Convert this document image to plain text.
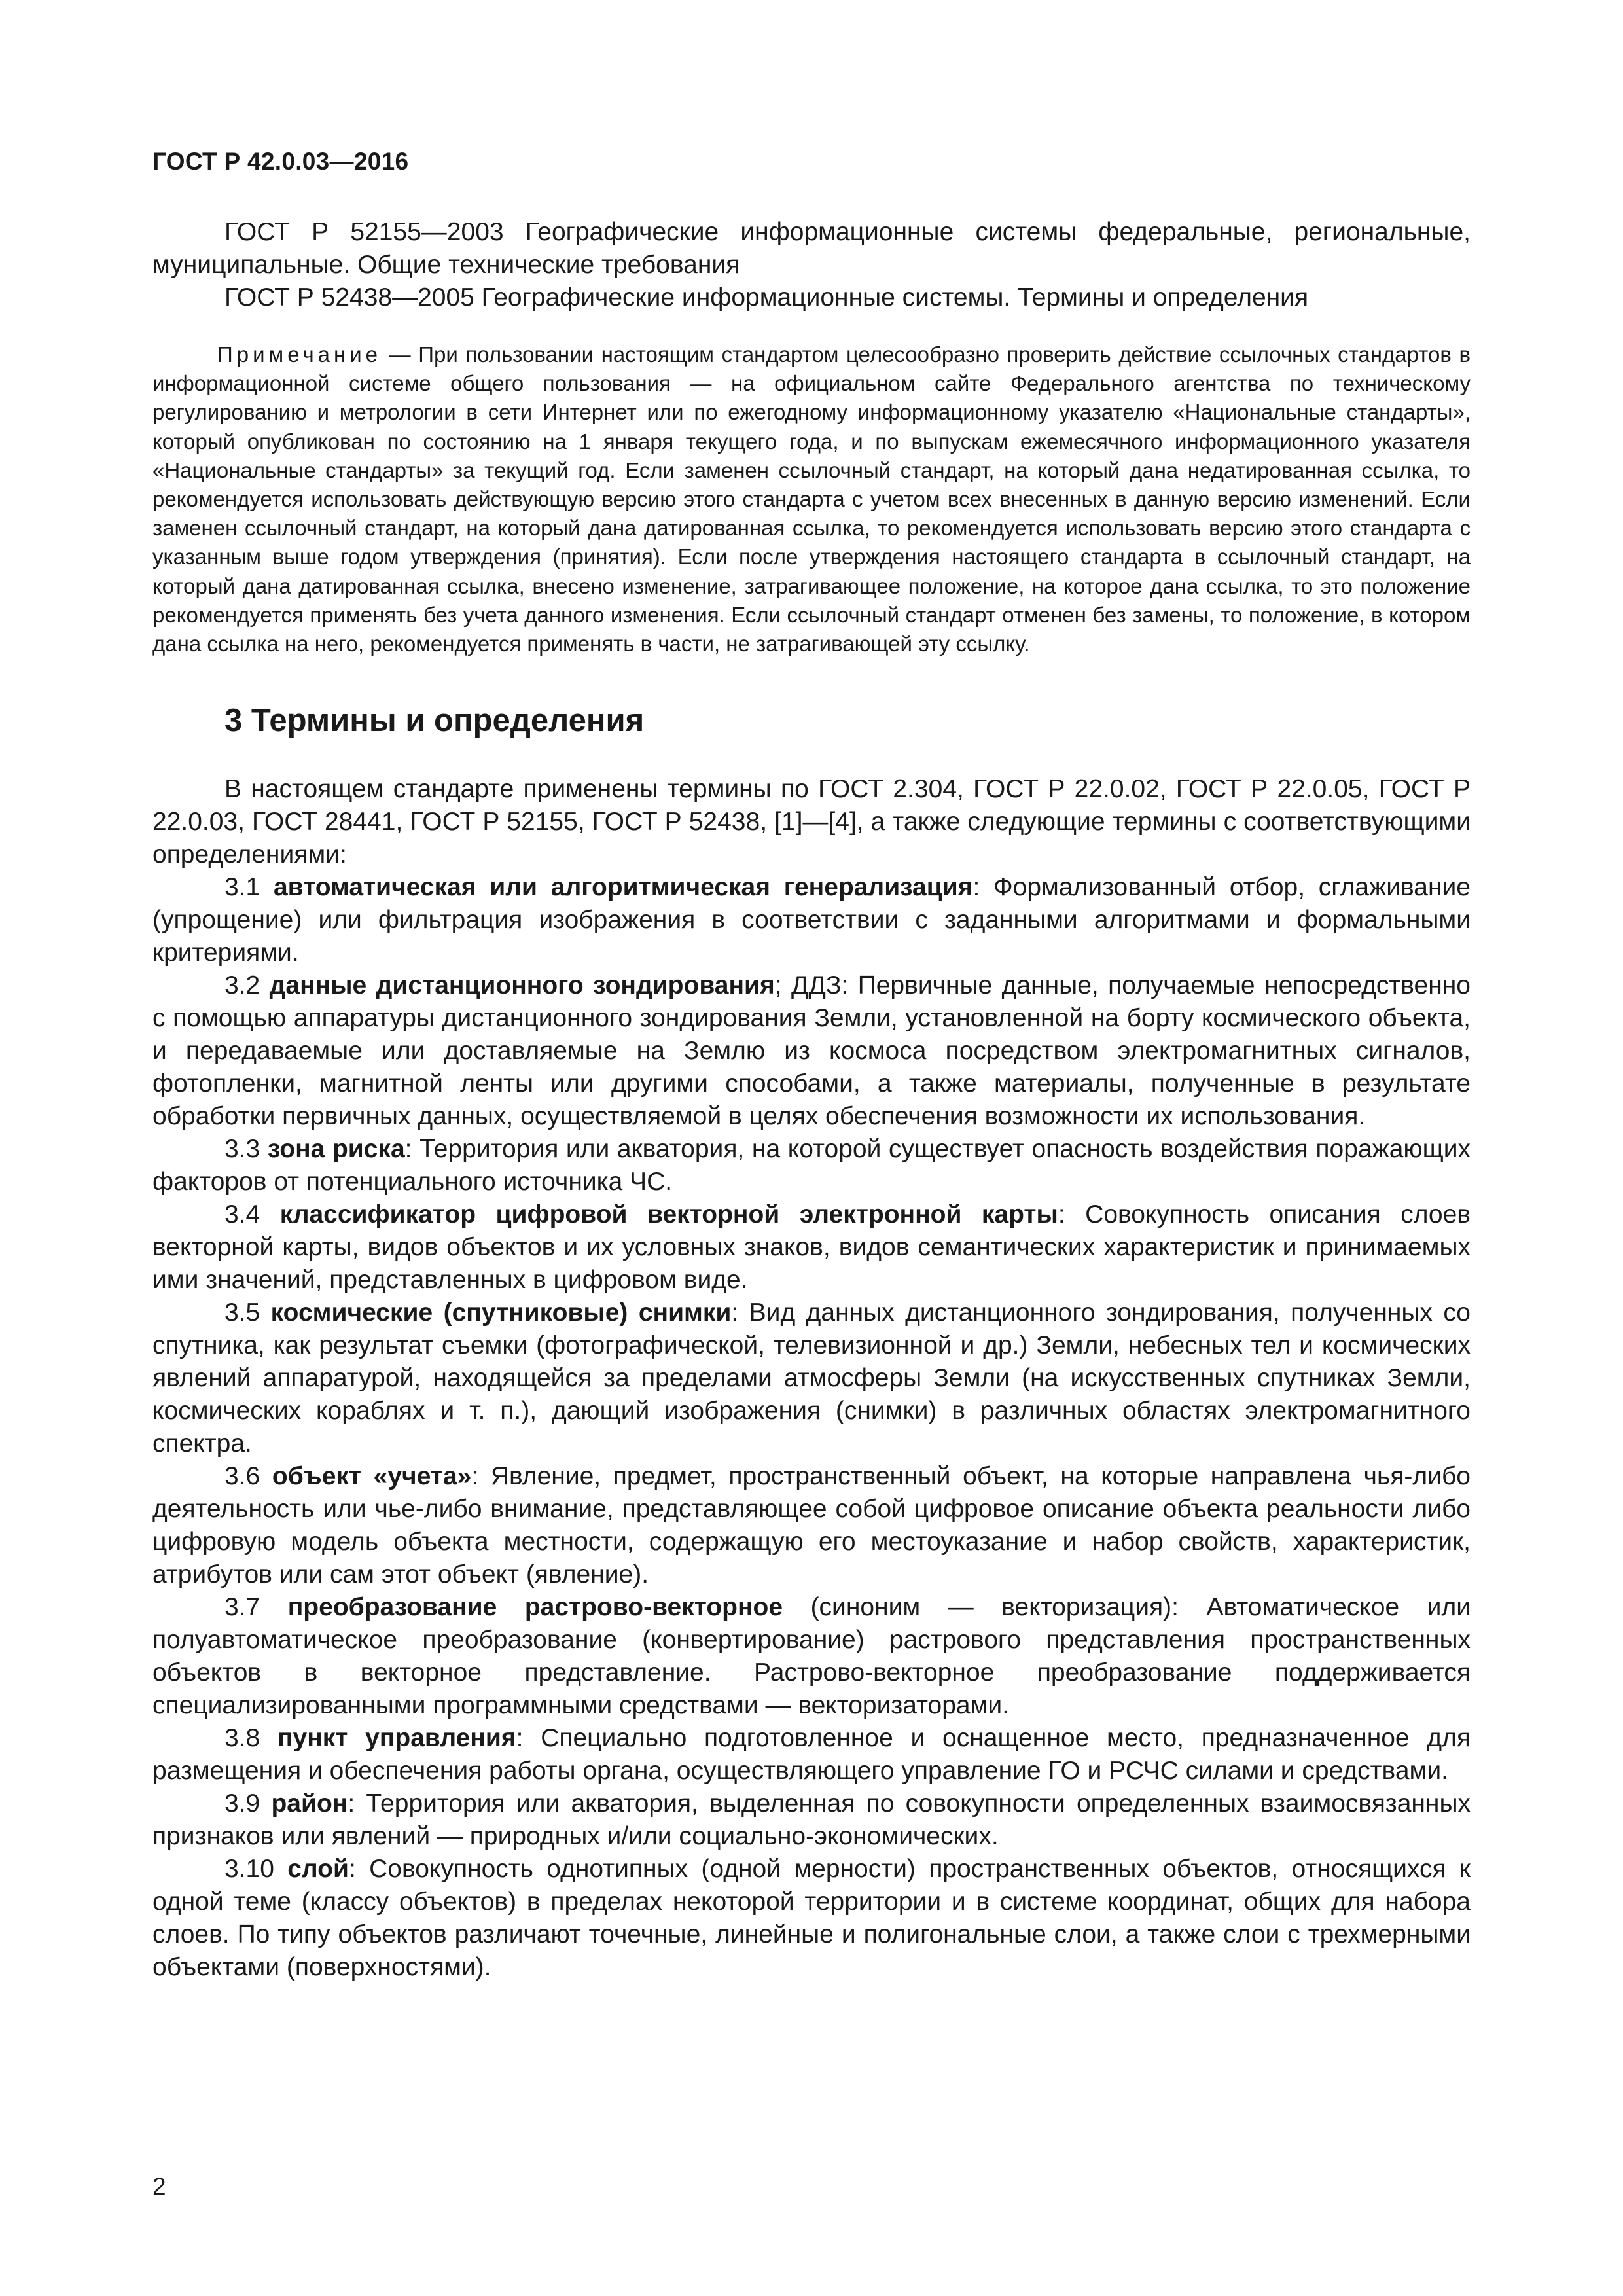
ГОСТ Р 42.0.03—2016

ГОСТ Р 52155—2003 Географические информационные системы федеральные, региональные, муниципальные. Общие технические требования

ГОСТ Р 52438—2005 Географические информационные системы. Термины и определения

Примечание — При пользовании настоящим стандартом целесообразно проверить действие ссылочных стандартов в информационной системе общего пользования — на официальном сайте Федерального агентства по техническому регулированию и метрологии в сети Интернет или по ежегодному информационному указателю «Национальные стандарты», который опубликован по состоянию на 1 января текущего года, и по выпускам ежемесячного информационного указателя «Национальные стандарты» за текущий год. Если заменен ссылочный стандарт, на который дана недатированная ссылка, то рекомендуется использовать действующую версию этого стандарта с учетом всех внесенных в данную версию изменений. Если заменен ссылочный стандарт, на который дана датированная ссылка, то рекомендуется использовать версию этого стандарта с указанным выше годом утверждения (принятия). Если после утверждения настоящего стандарта в ссылочный стандарт, на который дана датированная ссылка, внесено изменение, затрагивающее положение, на которое дана ссылка, то это положение рекомендуется применять без учета данного изменения. Если ссылочный стандарт отменен без замены, то положение, в котором дана ссылка на него, рекомендуется применять в части, не затрагивающей эту ссылку.

3 Термины и определения

В настоящем стандарте применены термины по ГОСТ 2.304, ГОСТ Р 22.0.02, ГОСТ Р 22.0.05, ГОСТ Р 22.0.03, ГОСТ 28441, ГОСТ Р 52155, ГОСТ Р 52438, [1]—[4], а также следующие термины с соответствующими определениями:

3.1 автоматическая или алгоритмическая генерализация: Формализованный отбор, сглаживание (упрощение) или фильтрация изображения в соответствии с заданными алгоритмами и формальными критериями.

3.2 данные дистанционного зондирования; ДДЗ: Первичные данные, получаемые непосредственно с помощью аппаратуры дистанционного зондирования Земли, установленной на борту космического объекта, и передаваемые или доставляемые на Землю из космоса посредством электромагнитных сигналов, фотопленки, магнитной ленты или другими способами, а также материалы, полученные в результате обработки первичных данных, осуществляемой в целях обеспечения возможности их использования.

3.3 зона риска: Территория или акватория, на которой существует опасность воздействия поражающих факторов от потенциального источника ЧС.

3.4 классификатор цифровой векторной электронной карты: Совокупность описания слоев векторной карты, видов объектов и их условных знаков, видов семантических характеристик и принимаемых ими значений, представленных в цифровом виде.

3.5 космические (спутниковые) снимки: Вид данных дистанционного зондирования, полученных со спутника, как результат съемки (фотографической, телевизионной и др.) Земли, небесных тел и космических явлений аппаратурой, находящейся за пределами атмосферы Земли (на искусственных спутниках Земли, космических кораблях и т. п.), дающий изображения (снимки) в различных областях электромагнитного спектра.

3.6 объект «учета»: Явление, предмет, пространственный объект, на которые направлена чья-либо деятельность или чье-либо внимание, представляющее собой цифровое описание объекта реальности либо цифровую модель объекта местности, содержащую его местоуказание и набор свойств, характеристик, атрибутов или сам этот объект (явление).

3.7 преобразование растрово-векторное (синоним — векторизация): Автоматическое или полуавтоматическое преобразование (конвертирование) растрового представления пространственных объектов в векторное представление. Растрово-векторное преобразование поддерживается специализированными программными средствами — векторизаторами.

3.8 пункт управления: Специально подготовленное и оснащенное место, предназначенное для размещения и обеспечения работы органа, осуществляющего управление ГО и РСЧС силами и средствами.

3.9 район: Территория или акватория, выделенная по совокупности определенных взаимосвязанных признаков или явлений — природных и/или социально-экономических.

3.10 слой: Совокупность однотипных (одной мерности) пространственных объектов, относящихся к одной теме (классу объектов) в пределах некоторой территории и в системе координат, общих для набора слоев. По типу объектов различают точечные, линейные и полигональные слои, а также слои с трехмерными объектами (поверхностями).

2
